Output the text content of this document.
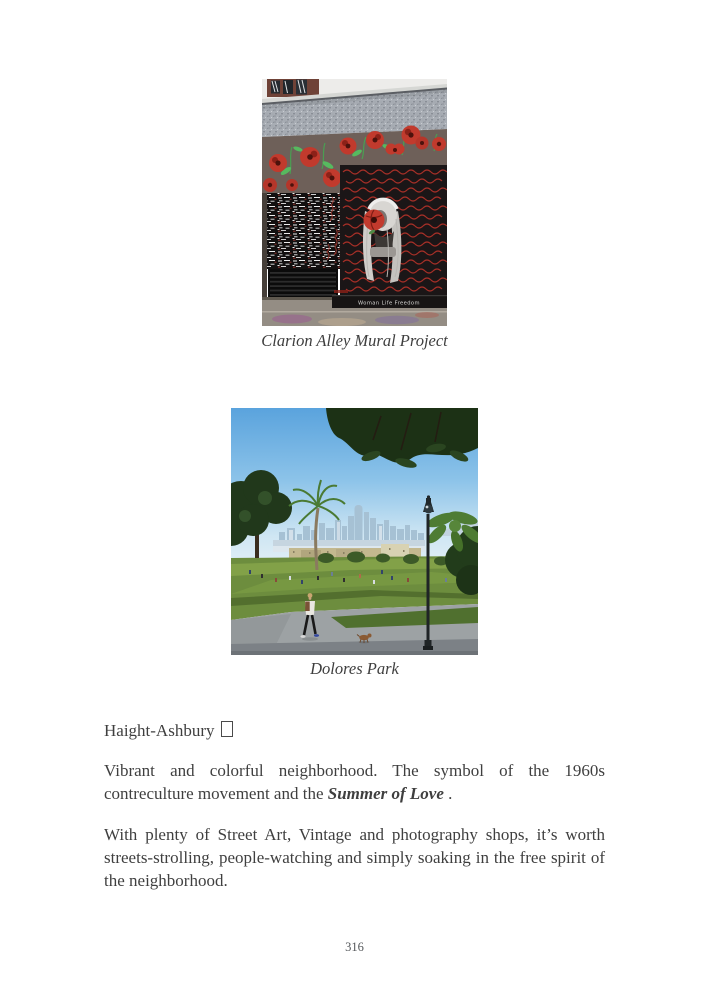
Woman Life Freedom
Clarion Alley Mural Project
Dolores Park
Haight-Ashbury

Vibrant and colorful neighborhood. The symbol of the 1960s contreculture movement and the Summer of Love .

With plenty of Street Art, Vintage and photography shops, it’s worth streets-strolling, people-watching and simply soaking in the free spirit of the neighborhood.

316
